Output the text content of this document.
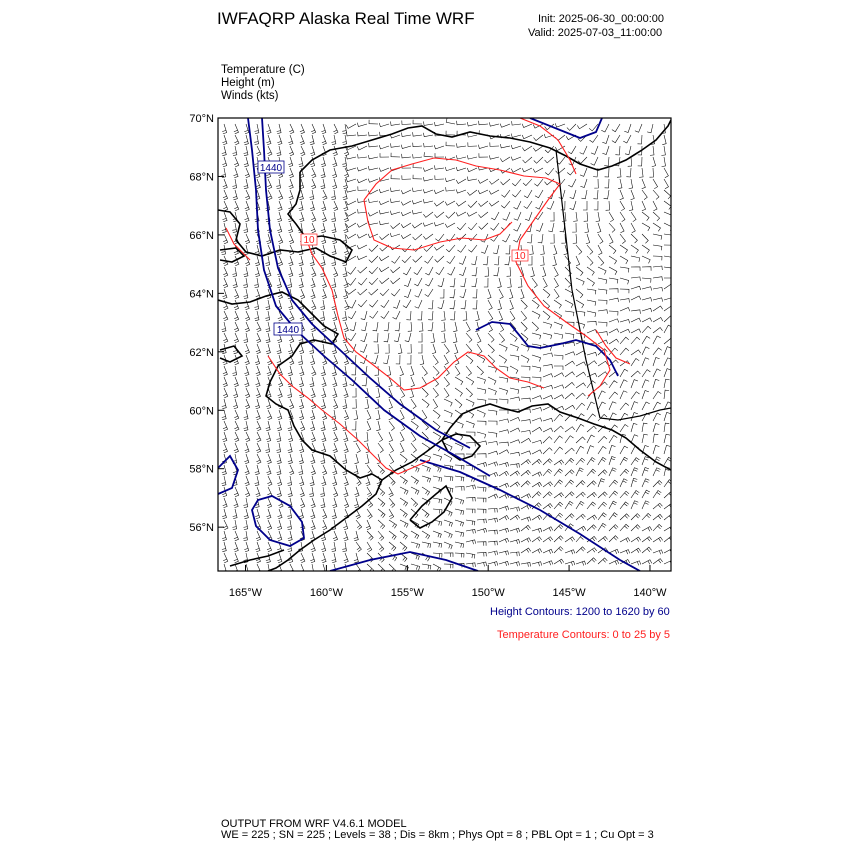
IWFAQRP Alaska Real Time WRF	Init: 2025-06-30_00:00:00
Valid: 2025-07-03_11:00:00
Temperature (C)
Height (m)
Winds (kts)
1440
1440
10
10
70°N
68°N
66°N
64°N
62°N
60°N
58°N
56°N
165°W	160°W	155°W	150°W	145°W	140°W
Height Contours: 1200 to 1620 by 60
Temperature Contours: 0 to 25 by 5
OUTPUT FROM WRF V4.6.1 MODEL
WE = 225 ; SN = 225 ; Levels = 38 ; Dis = 8km ; Phys Opt = 8 ; PBL Opt = 1 ; Cu Opt = 3
